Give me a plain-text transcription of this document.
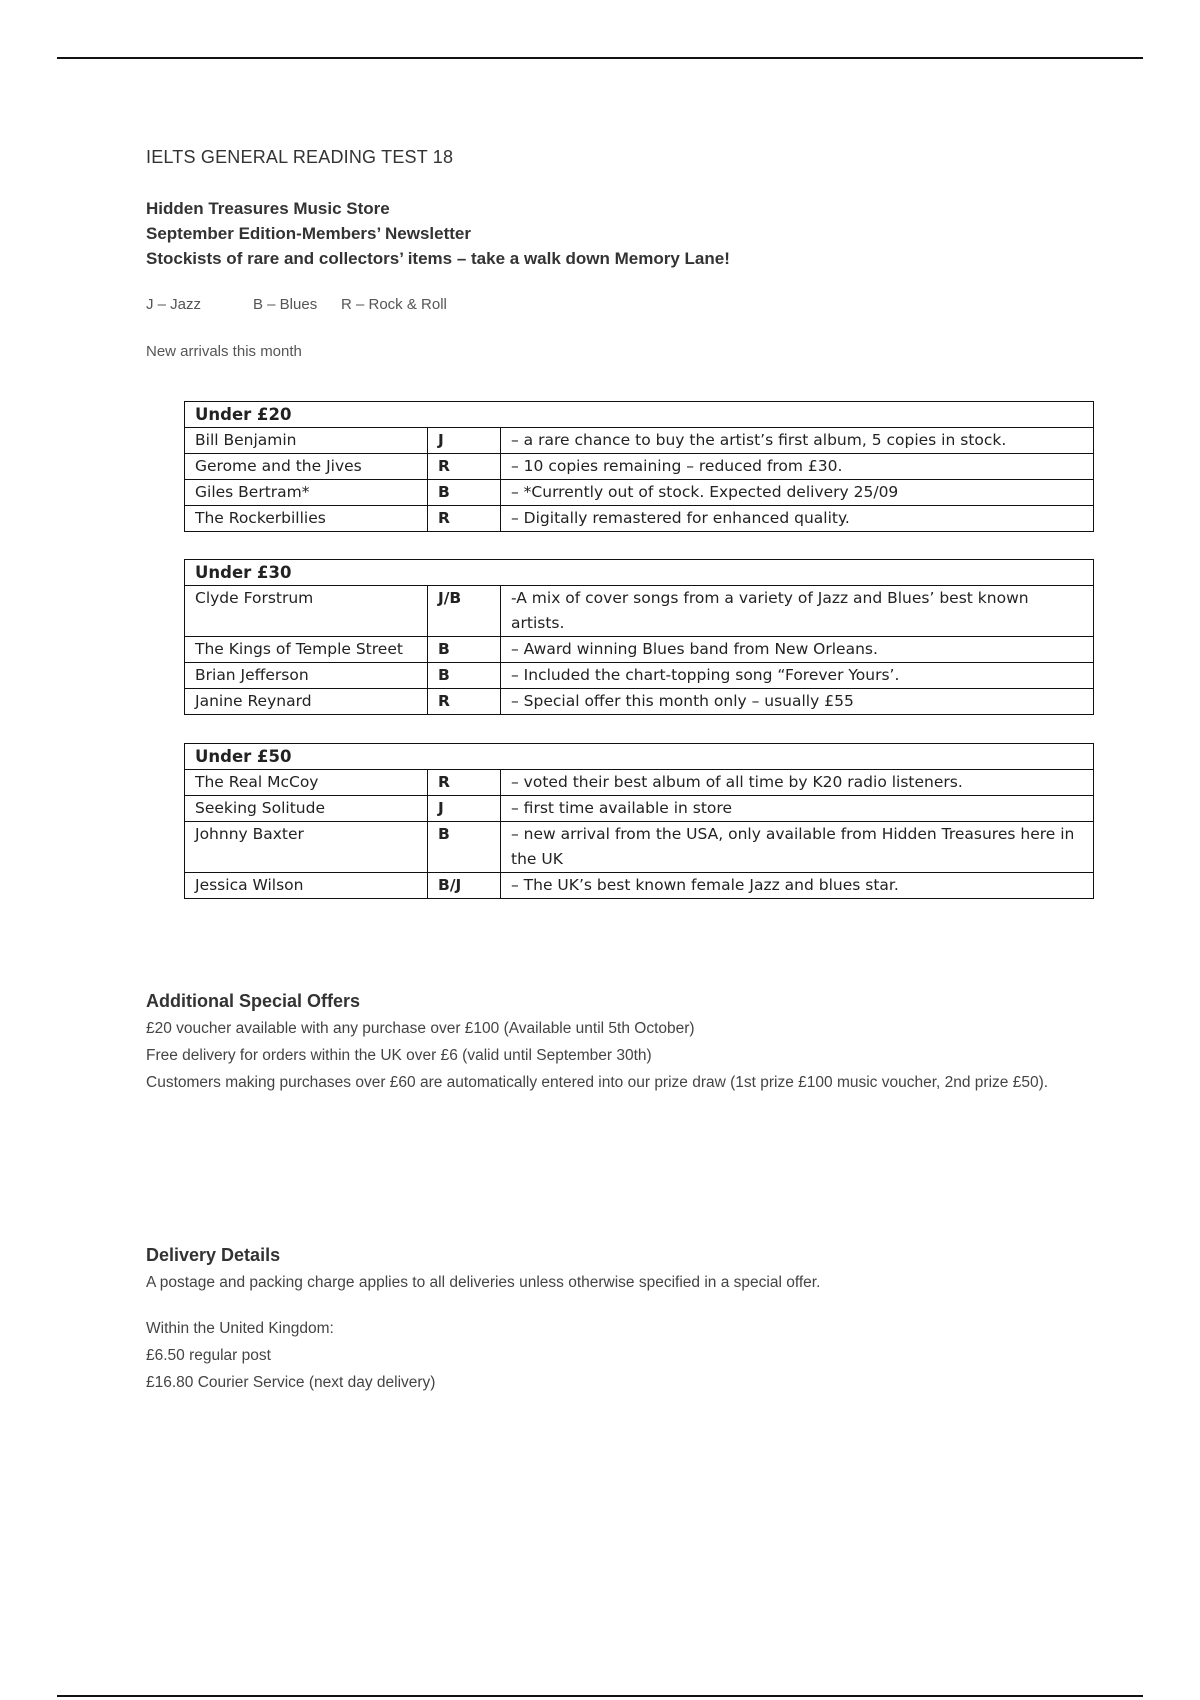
IELTS GENERAL READING TEST 18
Hidden Treasures Music Store
September Edition-Members’ Newsletter
Stockists of rare and collectors’ items – take a walk down Memory Lane!
J – Jazz	B – Blues R – Rock & Roll
New arrivals this month
Under £20		
Bill Benjamin	J	– a rare chance to buy the artist’s first album, 5 copies in stock.
Gerome and the Jives	R	– 10 copies remaining – reduced from £30.
Giles Bertram*	B	– *Currently out of stock. Expected delivery 25/09
The Rockerbillies	R	– Digitally remastered for enhanced quality.
Under £30		
Clyde Forstrum	J/B	-A mix of cover songs from a variety of Jazz and Blues’ best known artists.
The Kings of Temple Street	B	– Award winning Blues band from New Orleans.
Brian Jefferson	B	– Included the chart-topping song “Forever Yours’.
Janine Reynard	R	– Special offer this month only – usually £55
Under £50		
The Real McCoy	R	– voted their best album of all time by K20 radio listeners.
Seeking Solitude	J	– first time available in store
Johnny Baxter	B	– new arrival from the USA, only available from Hidden Treasures here in the UK
Jessica Wilson	B/J	– The UK’s best known female Jazz and blues star.
Additional Special Offers
£20 voucher available with any purchase over £100 (Available until 5th October)
Free delivery for orders within the UK over £6 (valid until September 30th)
Customers making purchases over £60 are automatically entered into our prize draw (1st prize £100 music voucher, 2nd prize £50).
Delivery Details
A postage and packing charge applies to all deliveries unless otherwise specified in a special offer.
Within the United Kingdom:
£6.50 regular post
£16.80 Courier Service (next day delivery)
